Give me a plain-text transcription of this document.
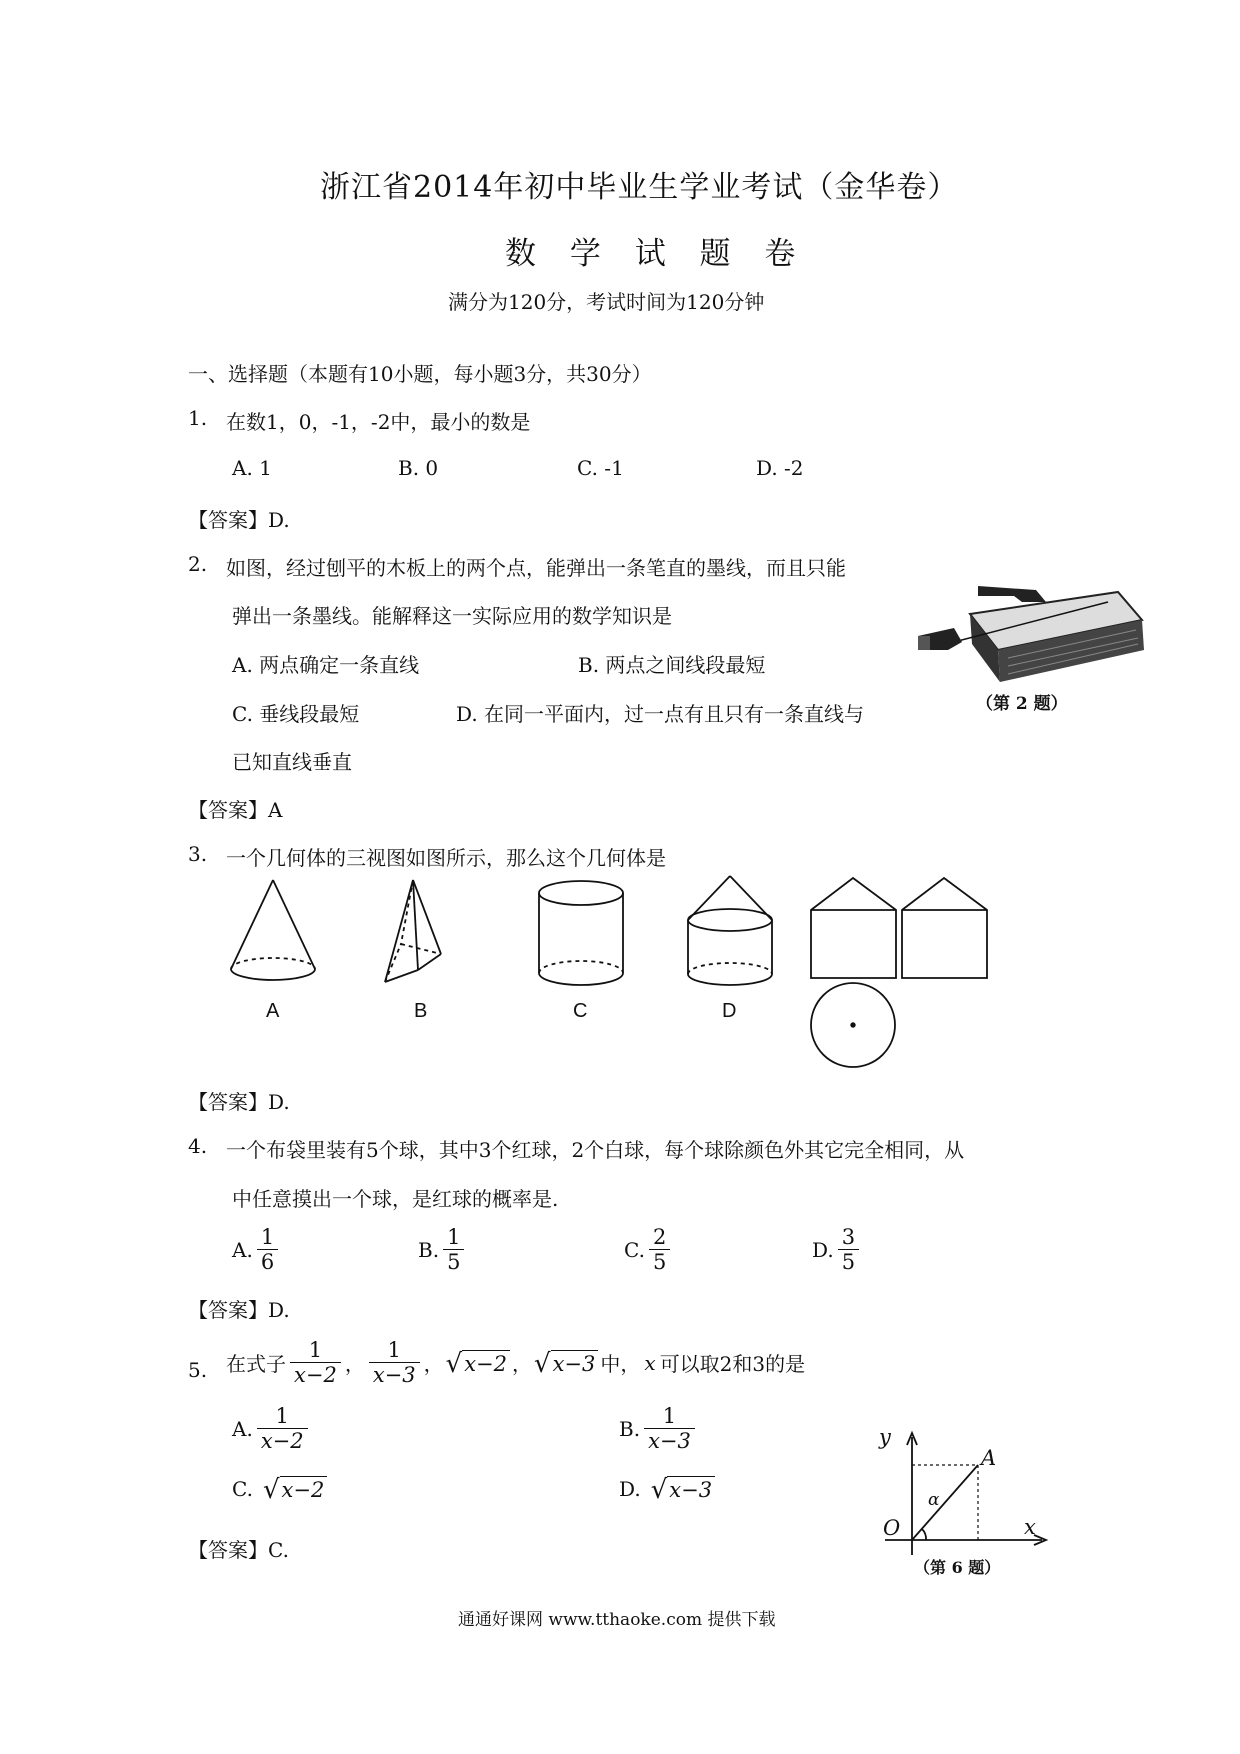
浙江省2014年初中毕业生学业考试（金华卷）
数 学 试 题 卷
满分为120分，考试时间为120分钟
一、选择题（本题有10小题，每小题3分，共30分）
1. 在数1，0，-1，-2中，最小的数是
A. 1	B. 0	C. -1	D. -2
【答案】D.
2. 如图，经过刨平的木板上的两个点，能弹出一条笔直的墨线，而且只能
弹出一条墨线。能解释这一实际应用的数学知识是
A. 两点确定一条直线	B. 两点之间线段最短
C. 垂线段最短	D. 在同一平面内，过一点有且只有一条直线与
已知直线垂直
【答案】A
（第 2 题）
3. 一个几何体的三视图如图所示，那么这个几何体是
A	B	C	D
【答案】D.
4. 一个布袋里装有5个球，其中3个红球，2个白球，每个球除颜色外其它完全相同，从
中任意摸出一个球，是红球的概率是.
A. $\frac{1}{6}$	B. $\frac{1}{5}$	C. $\frac{2}{5}$	D. $\frac{3}{5}$
【答案】D.
5. 在式子 $\frac{1}{x-2}$ ， $\frac{1}{x-3}$ ， √ x−2 ， √ x−3 中， x 可以取2和3的是
A. $\frac{1}{x-2}$	B. $\frac{1}{x-3}$
C. √ x−2	D. √ x−3
【答案】C.
y
x
O
A
α
（第 6 题）
通通好课网 www.tthaoke.com 提供下载
